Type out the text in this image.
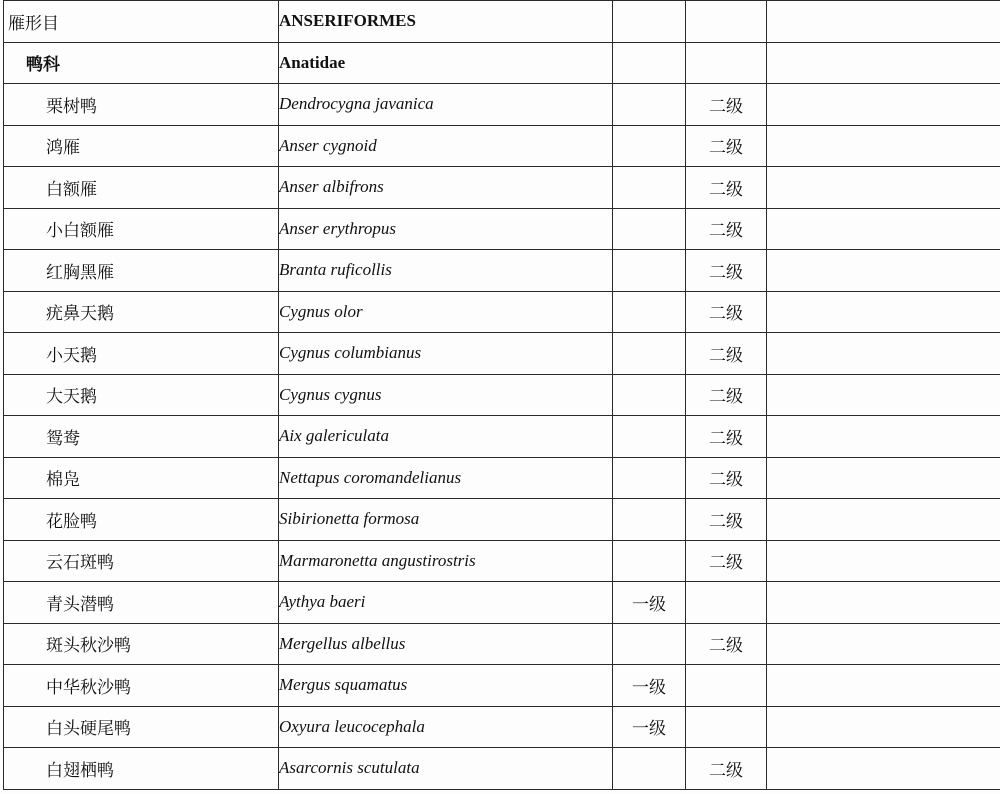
雁形目	ANSERIFORMES			
鸭科	Anatidae			
栗树鸭	Dendrocygna javanica		二级	
鸿雁	Anser cygnoid		二级	
白额雁	Anser albifrons		二级	
小白额雁	Anser erythropus		二级	
红胸黑雁	Branta ruficollis		二级	
疣鼻天鹅	Cygnus olor		二级	
小天鹅	Cygnus columbianus		二级	
大天鹅	Cygnus cygnus		二级	
鸳鸯	Aix galericulata		二级	
棉凫	Nettapus coromandelianus		二级	
花脸鸭	Sibirionetta formosa		二级	
云石斑鸭	Marmaronetta angustirostris		二级	
青头潜鸭	Aythya baeri	一级		
斑头秋沙鸭	Mergellus albellus		二级	
中华秋沙鸭	Mergus squamatus	一级		
白头硬尾鸭	Oxyura leucocephala	一级		
白翅栖鸭	Asarcornis scutulata		二级	
